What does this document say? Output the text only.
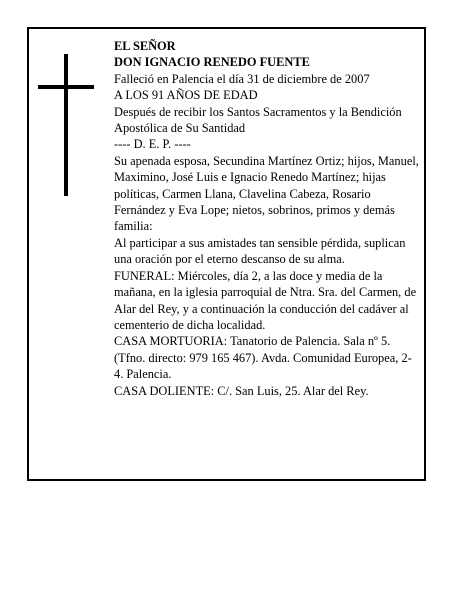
EL SEÑOR

DON IGNACIO RENEDO FUENTE

Falleció en Palencia el día 31 de diciembre de 2007

A LOS 91 AÑOS DE EDAD

Después de recibir los Santos Sacramentos y la Bendición Apostólica de Su Santidad

---- D. E. P. ----

Su apenada esposa, Secundina Martínez Ortiz; hijos, Manuel, Maximino, José Luis e Ignacio Renedo Martínez; hijas políticas, Carmen Llana, Clavelina Cabeza, Rosario Fernández y Eva Lope; nietos, sobrinos, primos y demás familia:

Al participar a sus amistades tan sensible pérdida, suplican una oración por el eterno descanso de su alma.

FUNERAL: Miércoles, día 2, a las doce y media de la mañana, en la iglesia parroquial de Ntra. Sra. del Carmen, de Alar del Rey, y a continuación la conducción del cadáver al cementerio de dicha localidad.

CASA MORTUORIA: Tanatorio de Palencia. Sala nº 5. (Tfno. directo: 979 165 467). Avda. Comunidad Europea, 2-4. Palencia.

CASA DOLIENTE: C/. San Luis, 25. Alar del Rey.
